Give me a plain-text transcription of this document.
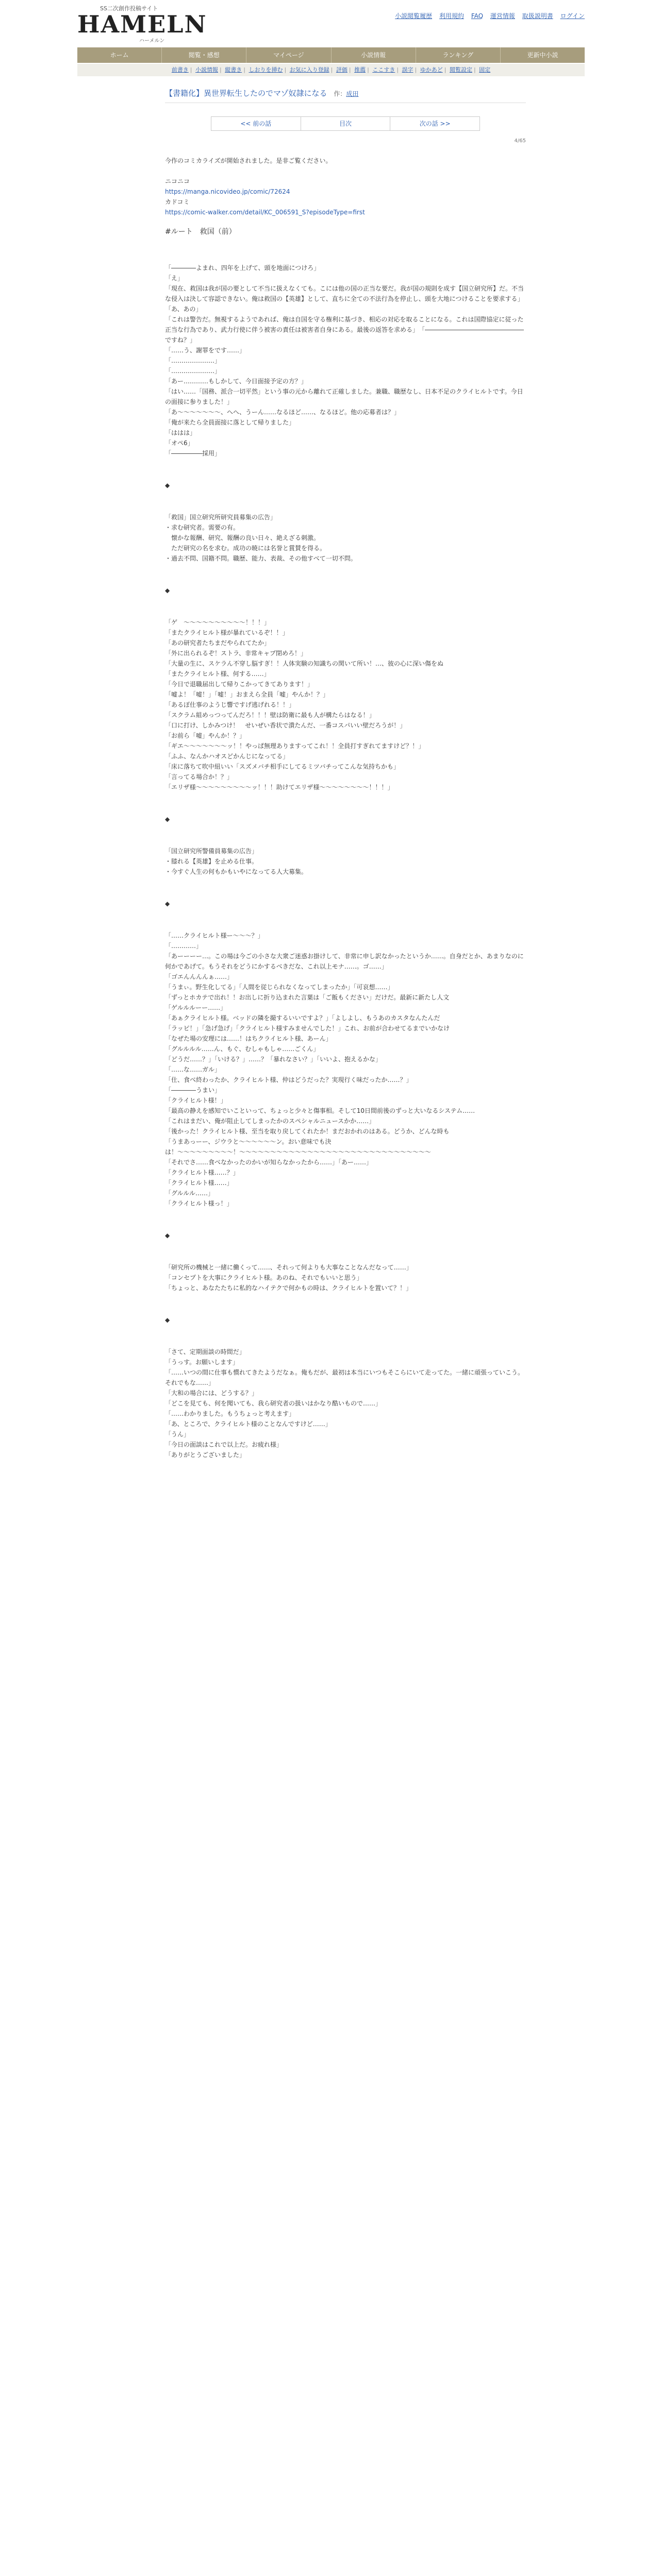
SS二次創作投稿サイト
HAMELN
ハーメルン
小説閲覧履歴 利用規約 FAQ 運営情報 取扱説明書 ログイン
ホーム	閲覧・感想	マイページ	小説情報	ランキング	更新中小説
前書き | 小説情報 | 縦書き | しおりを挿む | お気に入り登録 | 評価 | 推薦 | ここすき | 誤字 | ゆかあど | 閲覧設定 | 固定
【書籍化】異世界転生したのでマゾ奴隷になる 作：成田
<< 前の話	目次	次の話 >>
4/65

今作のコミカライズが開始されました。是非ご覧ください。

ニコニコ

https://manga.nicovideo.jp/comic/72624

カドコミ

https://comic-walker.com/detail/KC_006591_S?episodeType=first

#ルート　救国（前）

「――――よまれ、四年を上げて、頭を地面につけろ」

「え」

「現在、救国は我が国の要として不当に扱えなくても。こには他の国の正当な要だ。我が国の規則を成す【国立研究所】だ。不当な侵入は決して容認できない。俺は救国の【英雄】として、直ちに全ての不法行為を停止し、頭を大地につけることを要求する」

「あ、あの」

「これは警告だ。無視するようであれば、俺は自国を守る権利に基づき、相応の対応を取ることになる。これは国際協定に従った正当な行為であり、武力行使に伴う被害の責任は被害者自身にある。最後の返答を求める」　「――――――――――――――――ですね？」

「……う、謝罪をです……」

「…………………」

「…………………」

「あー…………もしかして、今日面接予定の方？」

「はい……「国務、派合一切平然」という事の元から離れて正確しました。兼職、職歴なし、日本不足のクライヒルトです。今日の面接に参りました！」

「あ〜〜〜〜〜〜〜、へへ、うーん……なるほど……、なるほど。他の応募者は？」

「俺が来たら全員面接に落として帰りました」

「ははは」

「オペ6」

「―――――採用」

◆

「救国」国立研究所研究員募集の広告」

・求む研究者。需要の有。

　懐かな報酬、研究、報酬の良い日々、絶えざる刺激。

　ただ研究の名を求む。成功の暁には名誉と賞賛を得る。

・過去不問、国籍不問。職歴、能力、表裁、その他すべて一切不問。

◆

「ゲ　〜〜〜〜〜〜〜〜〜〜！！！」

「またクライヒルト様が暴れているぞ！！」

「あの研究者たちまだやられてたか」

「外に出られるぞ！ストラ、非常キャプ閉めろ！」

「大量の生に、スケラん不穿し脳すぎ！！人体実験の知識ちの関いて所い！…、彼の心に深い傷をぬ

「またクライヒルト様、何する……」

「今日で退職届出して帰りこかってきてあります！」

「嘘よ！「嘘！」「嘘！」おまえら全員「嘘」やんか！？」

「あるぽ仕事のようじ響ですげ逃げれる！！」

「スクラム組めっつってんだろ！！！壁は防衛に最も人が構たらはなる！」

「口に打け、しかみつけ！　せいぜい香状で潰たんだ、一番コスパいい壁だろうが！」

「お前ら「嘘」やんか！？」

「ギエ〜〜〜〜〜〜〜ッ！！やっぱ無理ありますってこれ！！全員打すぎれてますけど？！」

「ふふ、なんかハオスどかんじになってる」

「床に落ちて吹中紐いい「スズメバチ相手にしてるミツバチってこんな気持ちかも」

「言ってる場合か！？」

「エリザ様〜〜〜〜〜〜〜〜〜ッ！！！助けてエリザ様〜〜〜〜〜〜〜〜！！！」

◆

「国立研究所警備員募集の広告」

・膝れる【英雄】を止める仕事。

・今すぐ人生の何もかもいやになってる人大募集。

◆

「……クライヒルト様ー〜〜〜？」

「…………」

「あーーーー…。この場は今ごの小さな大衆ご迷惑お掛けして、非常に申し訳なかったというか……。自身だとか、あまりなのに何かであげて。もうそれをどうにかするべきだな、これ以上モナ……。ゴ……」

「ゴエんんんんぁ……」

「うまぃ。野生化してる」「人間を従じられなくなってしまったか」「可哀想……」

「ずっとホカテで出れ！！お出しに折り込まれた言葉は「ご飯もください」だけだ。最新に新たし人文

「ゲルルルーー……」

「あぁクライヒルト様。ベッドの隣を撮するいいですよ？」「よしよし、もうあのカスタなんたんだ

「ラッピ！」「急げ急げ」「クライヒルト様すみませんでした！」これ、お前が合わせてるまでいかなけ

「なぜた場の安理には……！はちクライヒルト様、あーん」

「グルルルル……ん、もぐ、むしゃもしゃ……ごくん」

「どうだ……？」「いける？」……？「暴れなさい？」「いいよ、抱えるかな」

「……な……ガル」

「仕、食べ終わったか、クライヒルト様、仲はどうだった？実現行く味だったか……？」

「――――うまい」

「クライヒルト様！」

「最高の静えを感知でいこといって、ちょっと少々と傷事相。そして10日間前後のずっと大いなるシステム……

「これはまだい、俺が阻止してしまったかのスペシャルニュースかか……」

「後かった！クライヒルト様、至当を取り戻してくれたか！まだおかれのはある。どうか、どんな時も

「うまあっーー、ジウラと〜〜〜〜〜〜ン。おい意味でも決は！〜〜〜〜〜〜〜〜〜！〜〜〜〜〜〜〜〜〜〜〜〜〜〜〜〜〜〜〜〜〜〜〜〜〜〜〜〜〜〜〜

「それでさ……食べなかったのかいが知らなかったから……」「あー……」

「クライヒルト様……？」

「クライヒルト様……」

「グルルル……」

「クライヒルト様っ！」

◆

「研究所の機械と一緒に働くって……、それって何よりも大事なことなんだなって……」

「コンセプトを大事にクライヒルト様。あのね、それでもいいと思う」

「ちょっと、あなたたちに私的なハイテクで何かもの時は、クライヒルトを置いて？！」

◆

「さて、定期面談の時間だ」

「うっす。お願いします」

「……いつの間に仕事も慣れてきたようだなぁ。俺もだが、最初は本当にいつもそこらにいて走ってた。一緒に頑張っていこう。それでもな……」

「大和の場合には、どうする？」

「どこを見ても、何を聞いても、我ら研究者の扱いはかなり酷いもので……」

「……わかりました。もうちょっと考えます」

「あ、ところで、クライヒルト様のことなんですけど……」

「うん」

「今日の面談はこれで以上だ。お疲れ様」

「ありがとうございました」
